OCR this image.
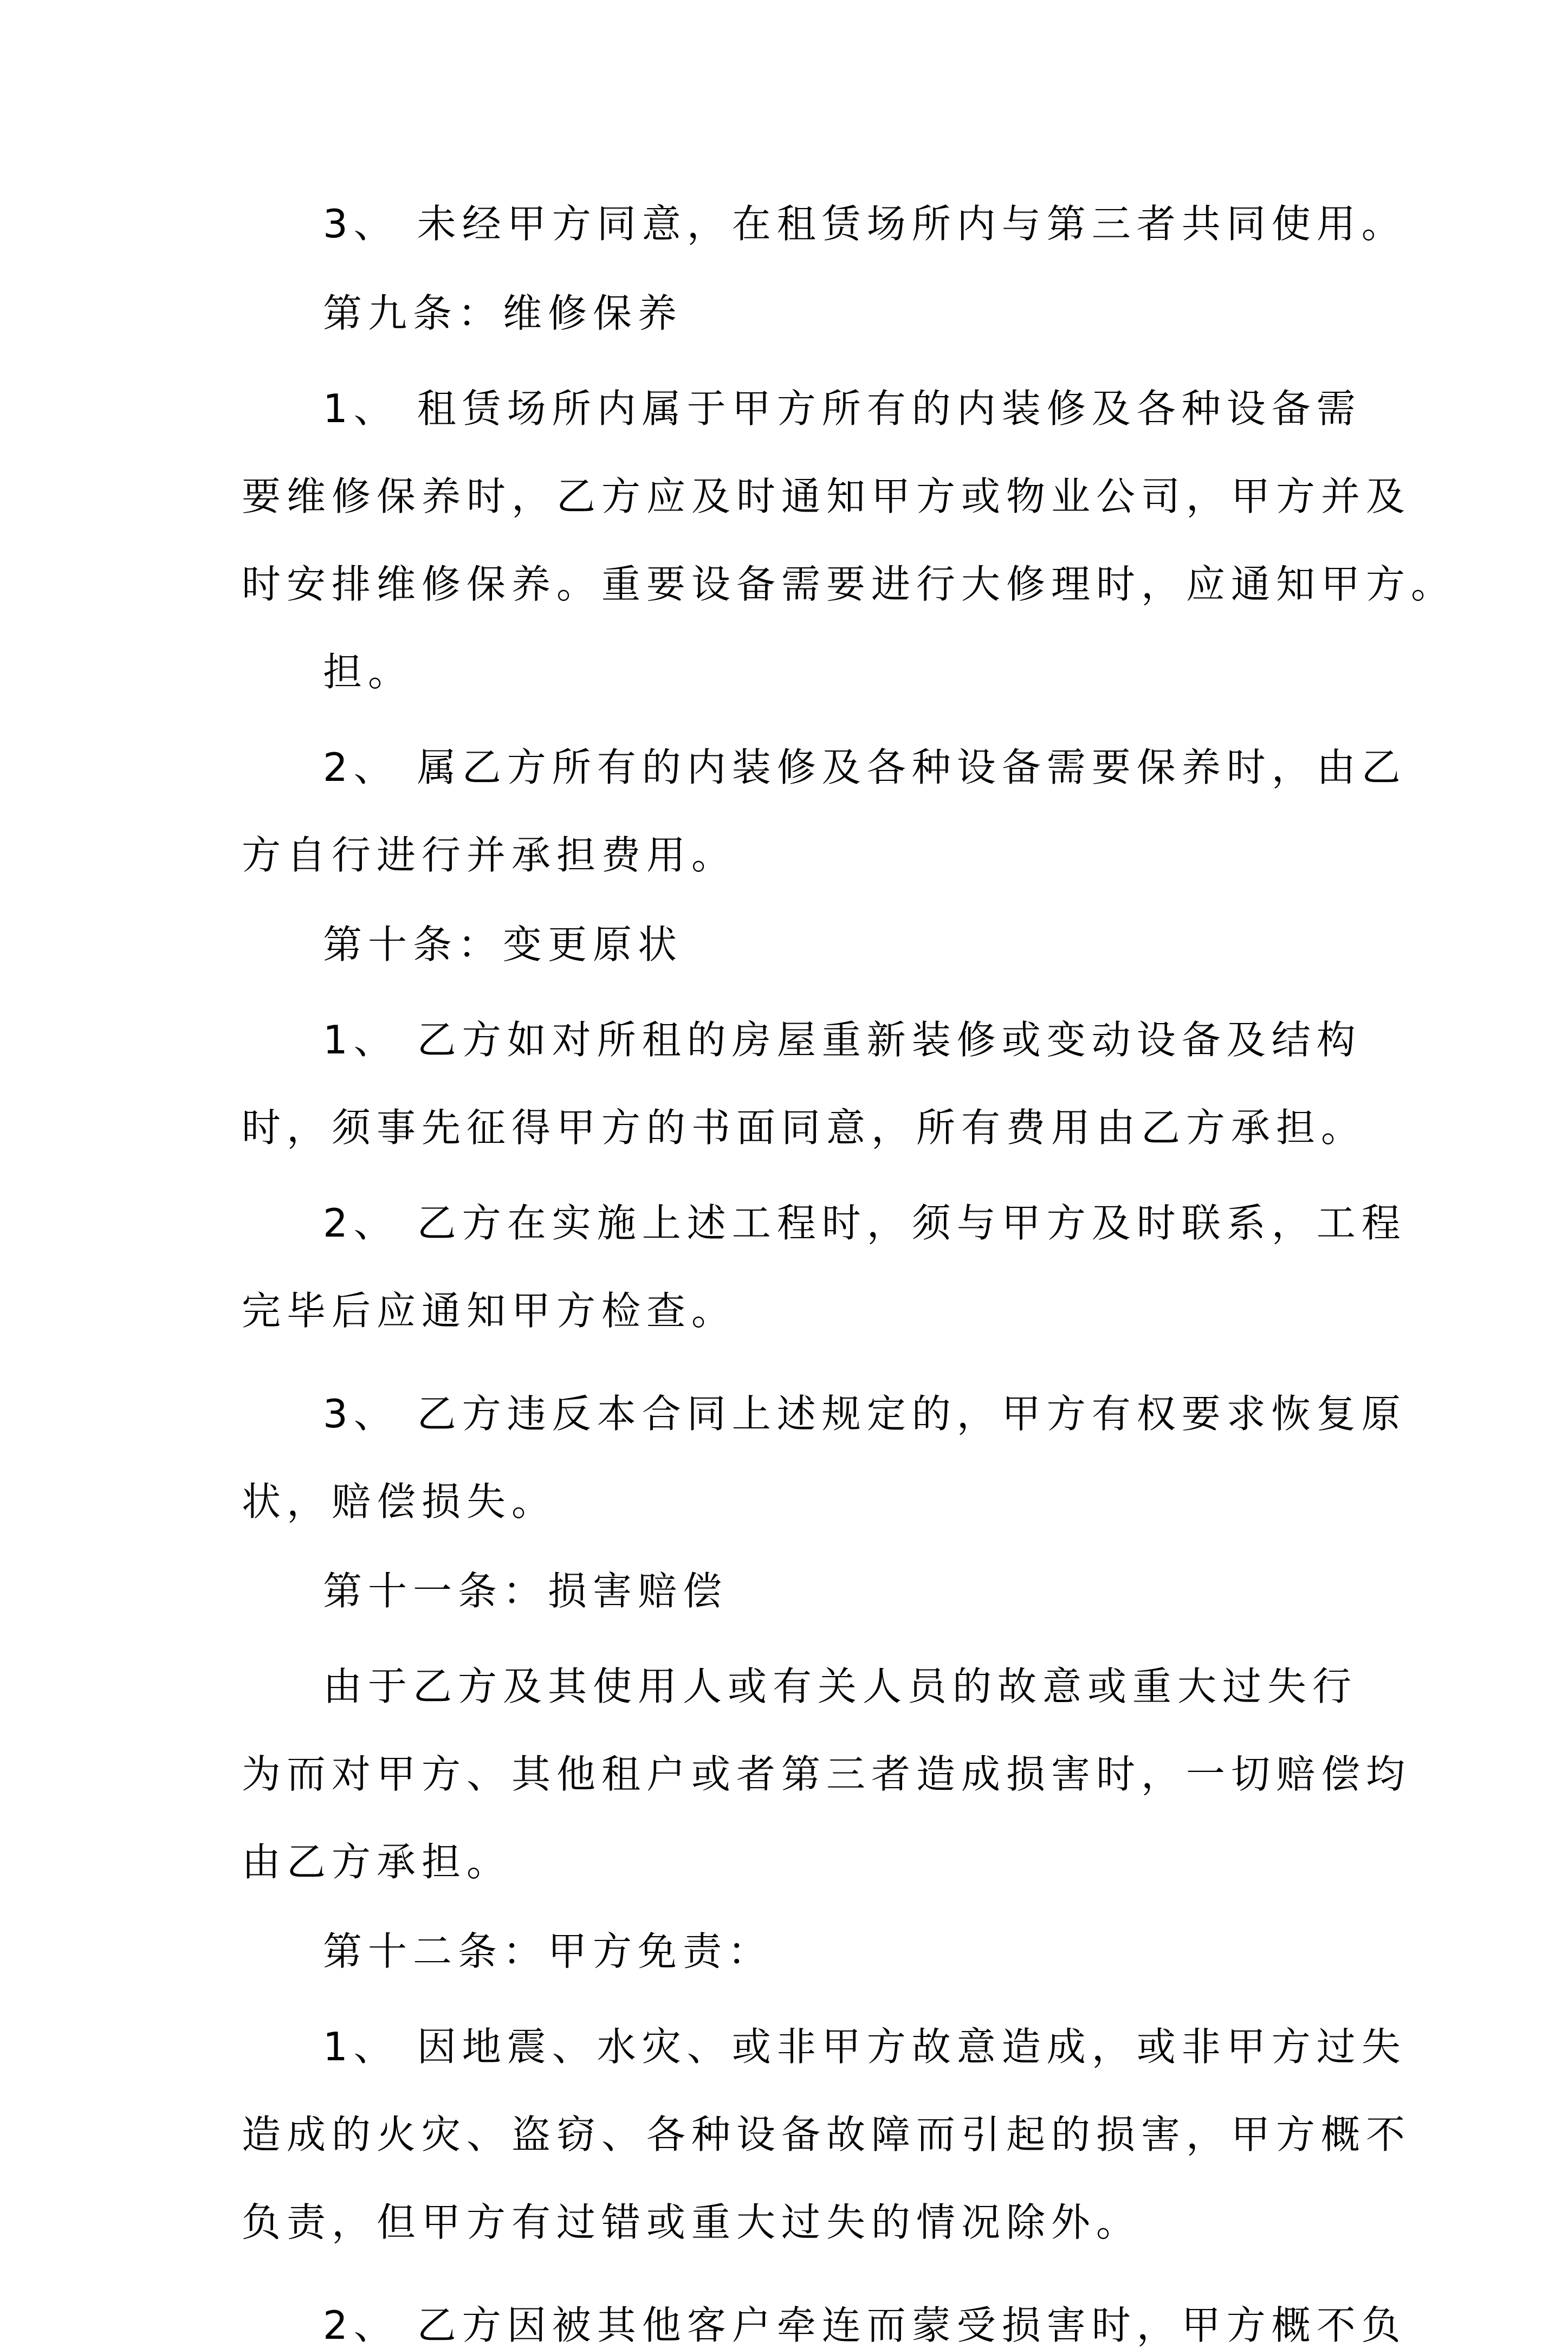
3、 未经甲方同意，在租赁场所内与第三者共同使用。
第九条：维修保养
1、 租赁场所内属于甲方所有的内装修及各种设备需
要维修保养时，乙方应及时通知甲方或物业公司，甲方并及
时安排维修保养。重要设备需要进行大修理时，应通知甲方。
担。
2、 属乙方所有的内装修及各种设备需要保养时，由乙
方自行进行并承担费用。
第十条：变更原状
1、 乙方如对所租的房屋重新装修或变动设备及结构
时，须事先征得甲方的书面同意，所有费用由乙方承担。
2、 乙方在实施上述工程时，须与甲方及时联系，工程
完毕后应通知甲方检查。
3、 乙方违反本合同上述规定的，甲方有权要求恢复原
状，赔偿损失。
第十一条：损害赔偿
由于乙方及其使用人或有关人员的故意或重大过失行
为而对甲方、其他租户或者第三者造成损害时，一切赔偿均
由乙方承担。
第十二条：甲方免责：
1、 因地震、水灾、或非甲方故意造成，或非甲方过失
造成的火灾、盗窃、各种设备故障而引起的损害，甲方概不
负责，但甲方有过错或重大过失的情况除外。
2、 乙方因被其他客户牵连而蒙受损害时，甲方概不负
